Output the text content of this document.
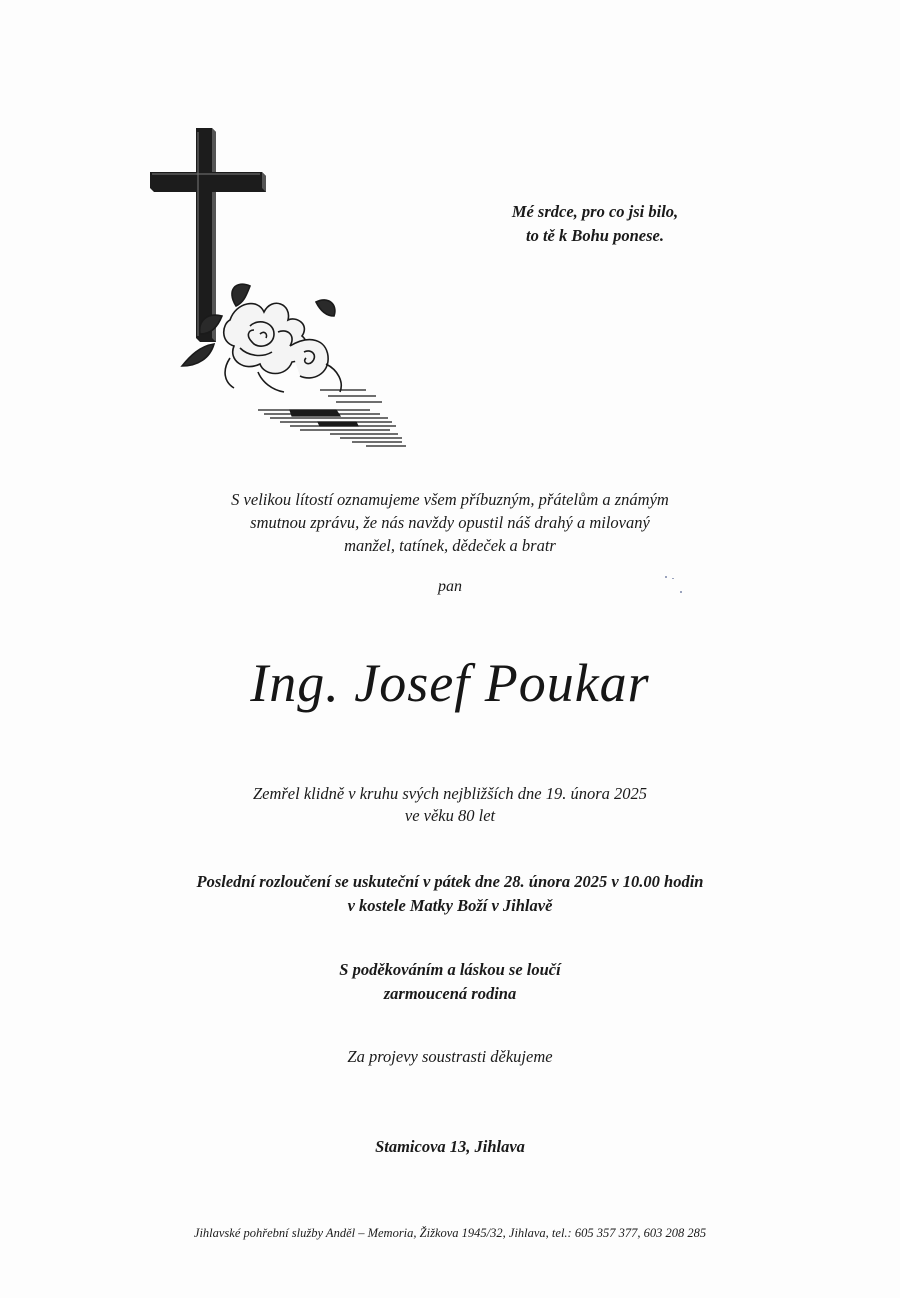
Mé srdce, pro co jsi bilo,
to tě k Bohu ponese.
S velikou lítostí oznamujeme všem příbuzným, přátelům a známým
smutnou zprávu, že nás navždy opustil náš drahý a milovaný
manžel, tatínek, dědeček a bratr
pan
Ing. Josef Poukar
Zemřel klidně v kruhu svých nejbližších dne 19. února 2025
ve věku 80 let
Poslední rozloučení se uskuteční v pátek dne 28. února 2025 v 10.00 hodin
v kostele Matky Boží v Jihlavě
S poděkováním a láskou se loučí
zarmoucená rodina
Za projevy soustrasti děkujeme
Stamicova 13, Jihlava
Jihlavské pohřební služby Anděl – Memoria, Žižkova 1945/32, Jihlava, tel.: 605 357 377, 603 208 285
